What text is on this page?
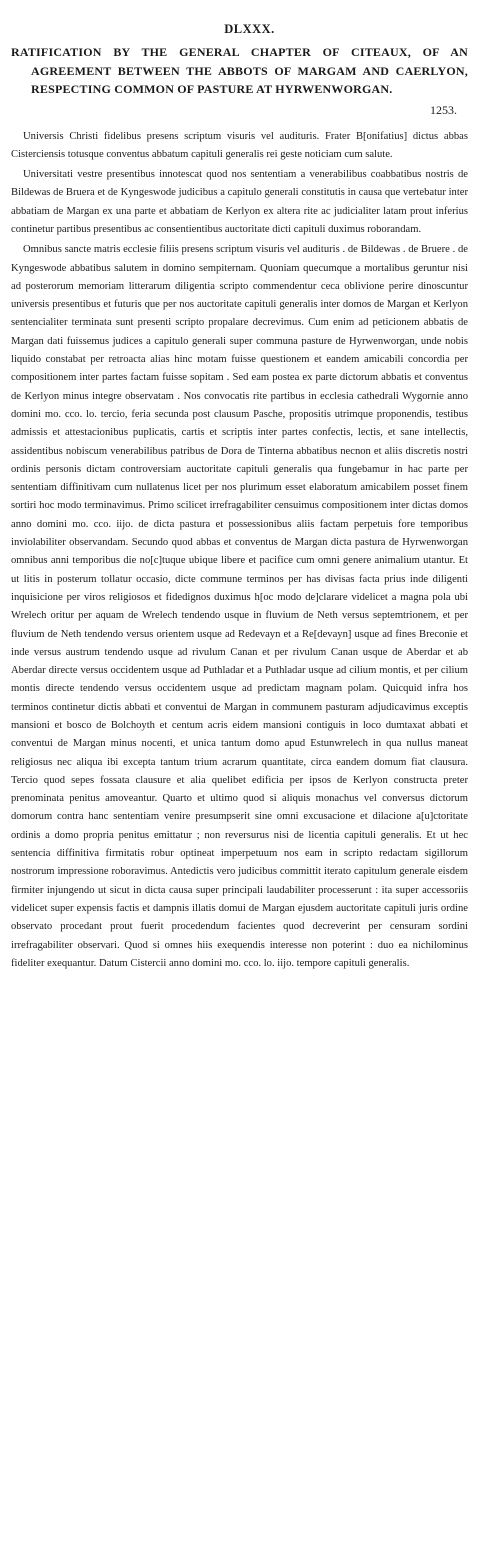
DLXXX.
RATIFICATION BY THE GENERAL CHAPTER OF CITEAUX, OF AN AGREEMENT BETWEEN THE ABBOTS OF MARGAM AND CAERLYON, RESPECTING COMMON OF PASTURE AT HYRWENWORGAN.
1253.

Universis Christi fidelibus presens scriptum visuris vel audituris. Frater B[onifatius] dictus abbas Cisterciensis totusque conventus abbatum capituli generalis rei geste noticiam cum salute.

Universitati vestre presentibus innotescat quod nos sententiam a venerabilibus coabbatibus nostris de Bildewas de Bruera et de Kyngeswode judicibus a capitulo generali constitutis in causa que vertebatur inter abbatiam de Margan ex una parte et abbatiam de Kerlyon ex altera rite ac judicialiter latam prout inferius continetur partibus presentibus ac consentientibus auctoritate dicti capituli duximus roborandam.

Omnibus sancte matris ecclesie filiis presens scriptum visuris vel audituris . de Bildewas . de Bruere . de Kyngeswode abbatibus salutem in domino sempiternam. Quoniam quecumque a mortalibus geruntur nisi ad posterorum memoriam litterarum diligentia scripto commendentur ceca oblivione perire dinoscuntur universis presentibus et futuris que per nos auctoritate capituli generalis inter domos de Margan et Kerlyon sentencialiter terminata sunt presenti scripto propalare decrevimus. Cum enim ad peticionem abbatis de Margan dati fuissemus judices a capitulo generali super communa pasture de Hyrwenworgan, unde nobis liquido constabat per retroacta alias hinc motam fuisse questionem et eandem amicabili concordia per compositionem inter partes factam fuisse sopitam . Sed eam postea ex parte dictorum abbatis et conventus de Kerlyon minus integre observatam . Nos convocatis rite partibus in ecclesia cathedrali Wygornie anno domini mo. cco. lo. tercio, feria secunda post clausum Pasche, propositis utrimque proponendis, testibus admissis et attestacionibus puplicatis, cartis et scriptis inter partes confectis, lectis, et sane intellectis, assidentibus nobiscum venerabilibus patribus de Dora de Tinterna abbatibus necnon et aliis discretis nostri ordinis personis dictam controversiam auctoritate capituli generalis qua fungebamur in hac parte per sententiam diffinitivam cum nullatenus licet per nos plurimum esset elaboratum amicabilem posset finem sortiri hoc modo terminavimus. Primo scilicet irrefragabiliter censuimus compositionem inter dictas domos anno domini mo. cco. iijo. de dicta pastura et possessionibus aliis factam perpetuis fore temporibus inviolabiliter observandam. Secundo quod abbas et conventus de Margan dicta pastura de Hyrwenworgan omnibus anni temporibus die no[c]tuque ubique libere et pacifice cum omni genere animalium utantur. Et ut litis in posterum tollatur occasio, dicte commune terminos per has divisas facta prius inde diligenti inquisicione per viros religiosos et fidedignos duximus h[oc modo de]clarare videlicet a magna pola ubi Wrelech oritur per aquam de Wrelech tendendo usque in fluvium de Neth versus septemtrionem, et per fluvium de Neth tendendo versus orientem usque ad Redevayn et a Re[devayn] usque ad fines Breconie et inde versus austrum tendendo usque ad rivulum Canan et per rivulum Canan usque de Aberdar et ab Aberdar directe versus occidentem usque ad Puthladar et a Puthladar usque ad cilium montis, et per cilium montis directe tendendo versus occidentem usque ad predictam magnam polam. Quicquid infra hos terminos continetur dictis abbati et conventui de Margan in communem pasturam adjudicavimus exceptis mansioni et bosco de Bolchoyth et centum acris eidem mansioni contiguis in loco dumtaxat abbati et conventui de Margan minus nocenti, et unica tantum domo apud Estunwrelech in qua nullus maneat religiosus nec aliqua ibi excepta tantum trium acrarum quantitate, circa eandem domum fiat clausura. Tercio quod sepes fossata clausure et alia quelibet edificia per ipsos de Kerlyon constructa preter prenominata penitus amoveantur. Quarto et ultimo quod si aliquis monachus vel conversus dictorum domorum contra hanc sententiam venire presumpserit sine omni excusacione et dilacione a[u]ctoritate ordinis a domo propria penitus emittatur ; non reversurus nisi de licentia capituli generalis. Et ut hec sentencia diffinitiva firmitatis robur optineat imperpetuum nos eam in scripto redactam sigillorum nostrorum impressione roboravimus. Antedictis vero judicibus committit iterato capitulum generale eisdem firmiter injungendo ut sicut in dicta causa super principali laudabiliter processerunt : ita super accessoriis videlicet super expensis factis et dampnis illatis domui de Margan ejusdem auctoritate capituli juris ordine observato procedant prout fuerit procedendum facientes quod decreverint per censuram sordini irrefragabiliter observari. Quod si omnes hiis exequendis interesse non poterint : duo ea nichilominus fideliter exequantur. Datum Cistercii anno domini mo. cco. lo. iijo. tempore capituli generalis.
